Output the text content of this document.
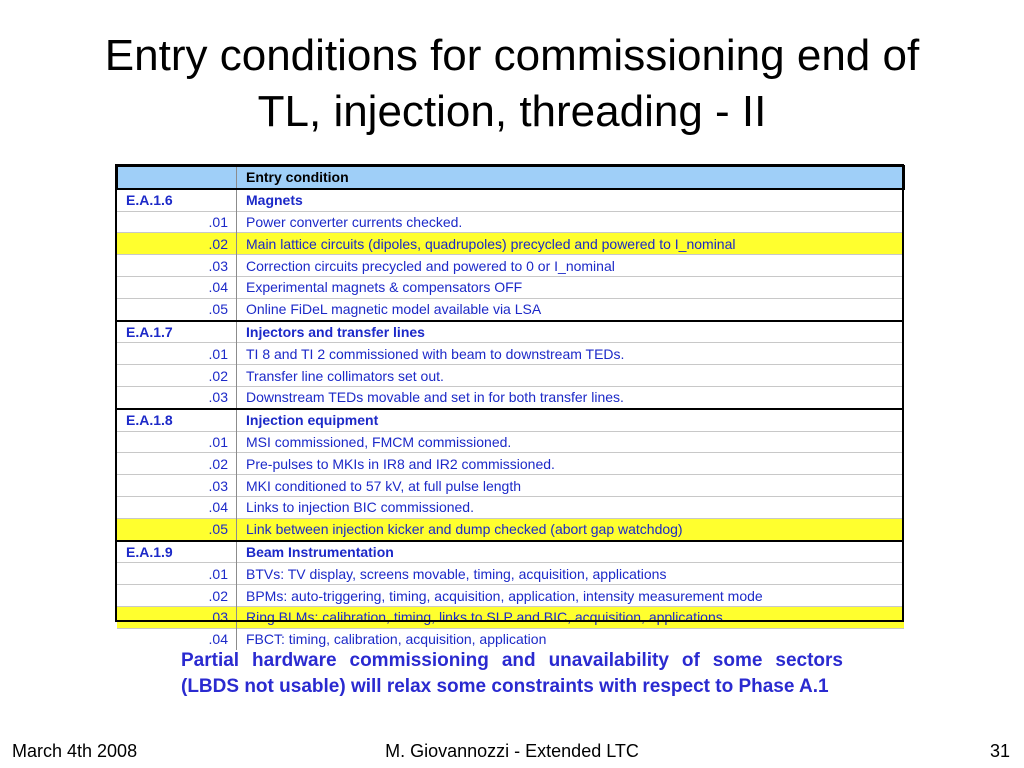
Entry conditions for commissioning end of
TL, injection, threading - II
	Entry condition
E.A.1.6	Magnets
.01	Power converter currents checked.
.02	Main lattice circuits (dipoles, quadrupoles) precycled and powered to I_nominal
.03	Correction circuits precycled and powered to 0 or I_nominal
.04	Experimental magnets & compensators OFF
.05	Online FiDeL magnetic model available via LSA
E.A.1.7	Injectors and transfer lines
.01	TI 8 and TI 2 commissioned with beam to downstream TEDs.
.02	Transfer line collimators set out.
.03	Downstream TEDs movable and set in for both transfer lines.
E.A.1.8	Injection equipment
.01	MSI commissioned, FMCM commissioned.
.02	Pre-pulses to MKIs in IR8 and IR2 commissioned.
.03	MKI conditioned to 57 kV, at full pulse length
.04	Links to injection BIC commissioned.
.05	Link between injection kicker and dump checked (abort gap watchdog)
E.A.1.9	Beam Instrumentation
.01	BTVs: TV display, screens movable, timing, acquisition, applications
.02	BPMs: auto-triggering, timing, acquisition, application, intensity measurement mode
.03	Ring BLMs: calibration, timing, links to SLP and BIC, acquisition, applications
.04	FBCT: timing, calibration, acquisition, application
Partial hardware commissioning and unavailability of some sectors (LBDS not usable) will relax some constraints with respect to Phase A.1
March 4th 2008	M. Giovannozzi - Extended LTC	31
